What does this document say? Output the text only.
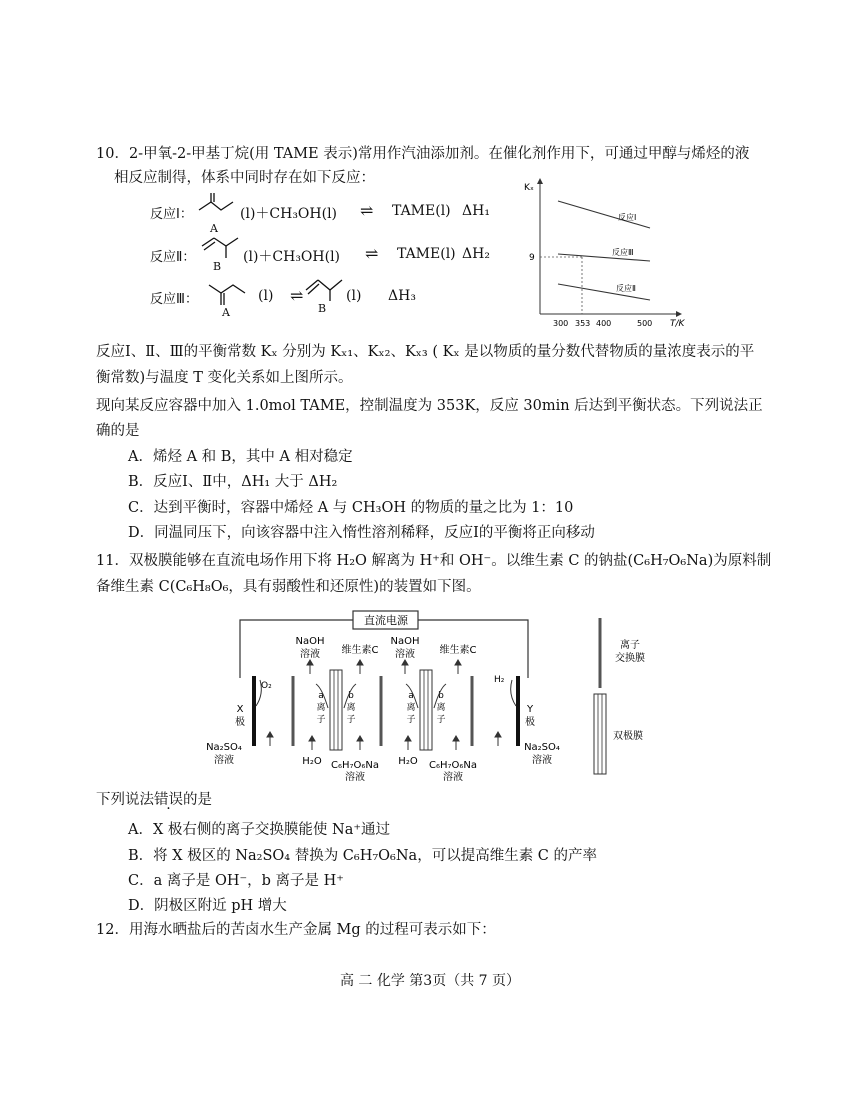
10．2-甲氧-2-甲基丁烷(用 TAME 表示)常用作汽油添加剂。在催化剂作用下，可通过甲醇与烯烃的液
相反应制得，体系中同时存在如下反应：
反应Ⅰ：
A
(l)＋CH₃OH(l) ⇌ TAME(l) ΔH₁
反应Ⅱ：
B
(l)＋CH₃OH(l) ⇌ TAME(l) ΔH₂
反应Ⅲ：
A
(l) ⇌
B
(l) ΔH₃
Kₓ
T/K
9
反应Ⅰ
反应Ⅲ
反应Ⅱ
300 353 400	500
反应Ⅰ、Ⅱ、Ⅲ的平衡常数 Kₓ 分别为 Kₓ₁、Kₓ₂、Kₓ₃ ( Kₓ 是以物质的量分数代替物质的量浓度表示的平
衡常数)与温度 T 变化关系如上图所示。
现向某反应容器中加入 1.0mol TAME，控制温度为 353K，反应 30min 后达到平衡状态。下列说法正
确的是
A．烯烃 A 和 B，其中 A 相对稳定
B．反应Ⅰ、Ⅱ中，ΔH₁ 大于 ΔH₂
C．达到平衡时，容器中烯烃 A 与 CH₃OH 的物质的量之比为 1：10
D．同温同压下，向该容器中注入惰性溶剂稀释，反应Ⅰ的平衡将正向移动
11．双极膜能够在直流电场作用下将 H₂O 解离为 H⁺和 OH⁻。以维生素 C 的钠盐(C₆H₇O₆Na)为原料制
备维生素 C(C₆H₈O₆，具有弱酸性和还原性)的装置如下图。
直流电源
NaOH
溶液 维生素C
NaOH
溶液 维生素C
O₂
H₂
X
极
Y
极
a
离
子
b
离
子
a
离
子
b
离
子
Na₂SO₄
溶液	H₂O C₆H₇O₆Na
溶液
H₂O C₆H₇O₆Na
溶液
Na₂SO₄
溶液
离子
交换膜
双极膜
下列说法错误的是
A．X 极右侧的离子交换膜能使 Na⁺通过
B．将 X 极区的 Na₂SO₄ 替换为 C₆H₇O₆Na，可以提高维生素 C 的产率
C．a 离子是 OH⁻，b 离子是 H⁺
D．阴极区附近 pH 增大
12．用海水晒盐后的苦卤水生产金属 Mg 的过程可表示如下：
高 二 化学 第3页（共 7 页）
